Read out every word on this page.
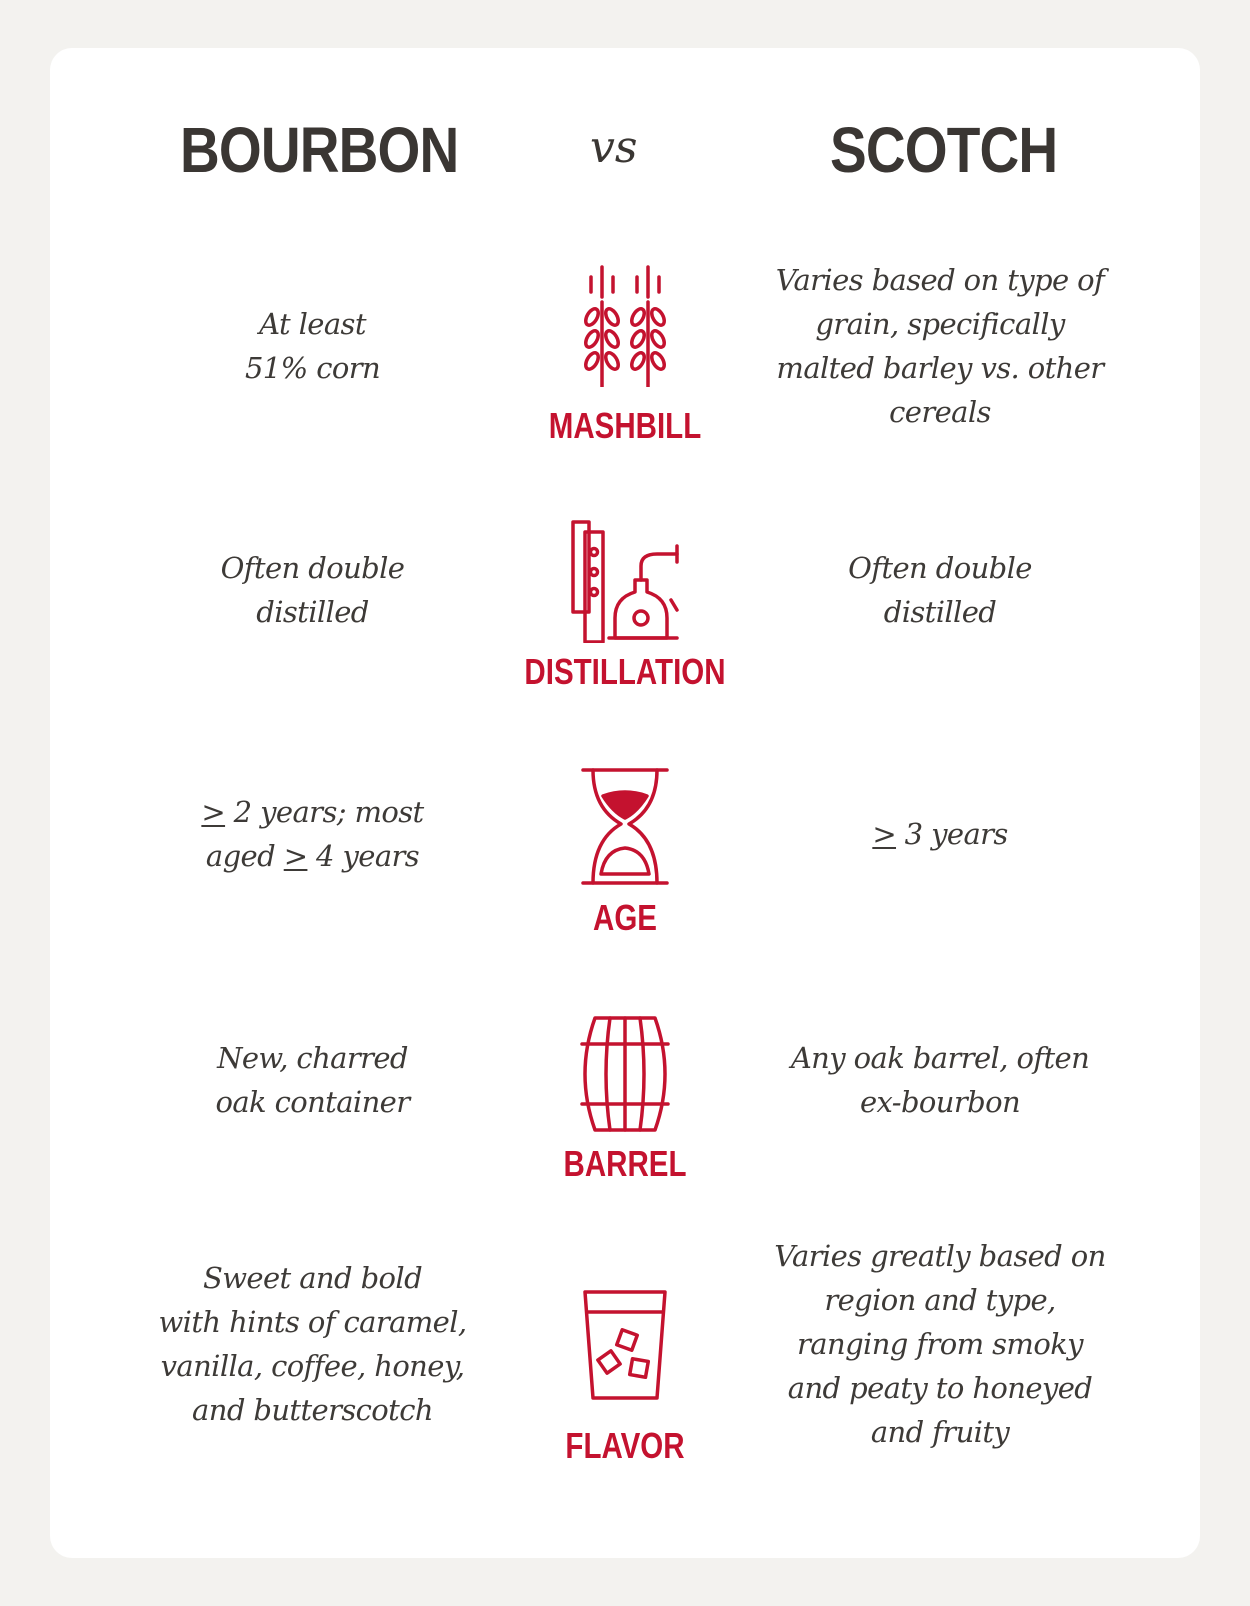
BOURBON	vs	SCOTCH
At least
51% corn
MASHBILL
Varies based on type of
grain, specifically
malted barley vs. other
cereals
Often double
distilled
DISTILLATION
Often double
distilled
≥ 2 years; most
aged ≥ 4 years
AGE
≥ 3 years
New, charred
oak container
BARREL
Any oak barrel, often
ex-bourbon
Sweet and bold
with hints of caramel,
vanilla, coffee, honey,
and butterscotch
FLAVOR
Varies greatly based on
region and type,
ranging from smoky
and peaty to honeyed
and fruity
